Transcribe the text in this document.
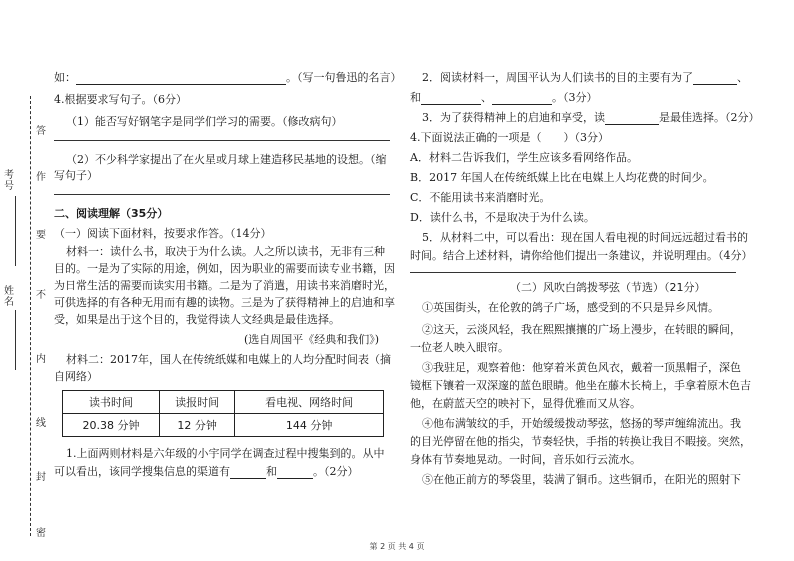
考号
姓名
答
作
要
不
内
线
封
密
如：	。（写一句鲁迅的名言）
4.根据要求写句子。（6分）
（1）能否写好钢笔字是同学们学习的需要。（修改病句）
（2）不少科学家提出了在火星或月球上建造移民基地的设想。（缩
写句子）
二、阅读理解（35分）
（一）阅读下面材料，按要求作答。（14分）
材料一：读什么书，取决于为什么读。人之所以读书，无非有三种
目的。一是为了实际的用途，例如，因为职业的需要而读专业书籍，因
为日常生活的需要而读实用书籍。二是为了消遣，用读书来消磨时光，
可供选择的有各种无用而有趣的读物。三是为了获得精神上的启迪和享
受，如果是出于这个目的，我觉得读人文经典是最佳选择。
(选自周国平《经典和我们》)
材料二：2017年，国人在传统纸媒和电媒上的人均分配时间表（摘
自网络）
读书时间	读报时间	看电视、网络时间
20.38 分钟	12 分钟	144 分钟
1.上面两则材料是六年级的小宇同学在调查过程中搜集到的。从中
可以看出，该同学搜集信息的渠道有	和	。（2分）
2．阅读材料一，周国平认为人们读书的目的主要有为了	、
和	、	。（3分）
3．为了获得精神上的启迪和享受，读	是最佳选择。（2分）
4.下面说法正确的一项是（ ）（3分）
A．材料二告诉我们，学生应该多看网络作品。
B．2017 年国人在传统纸媒上比在电媒上人均花费的时间少。
C．不能用读书来消磨时光。
D．读什么书，不是取决于为什么读。
5．从材料二中，可以看出：现在国人看电视的时间远远超过看书的
时间。结合上述材料，请你给他们提出一条建议，并说明理由。（4分）
（二）风吹白鸽拨琴弦（节选）（21分）
①英国街头，在伦敦的鸽子广场，感受到的不只是异乡风情。
②这天，云淡风轻，我在熙熙攘攘的广场上漫步，在转眼的瞬间，
一位老人映入眼帘。
③我驻足，观察着他：他穿着米黄色风衣，戴着一顶黑帽子，深色
镜框下镶着一双深邃的蓝色眼睛。他坐在藤木长椅上，手拿着原木色吉
他，在蔚蓝天空的映衬下，显得优雅而又从容。
④他布满皱纹的手，开始缓缓拨动琴弦，悠扬的琴声缠绵流出。我
的目光停留在他的指尖，节奏轻快，手指的转换让我目不暇接。突然，
身体有节奏地晃动。一时间，音乐如行云流水。
⑤在他正前方的琴袋里，装满了铜币。这些铜币，在阳光的照射下
第 2 页 共 4 页
